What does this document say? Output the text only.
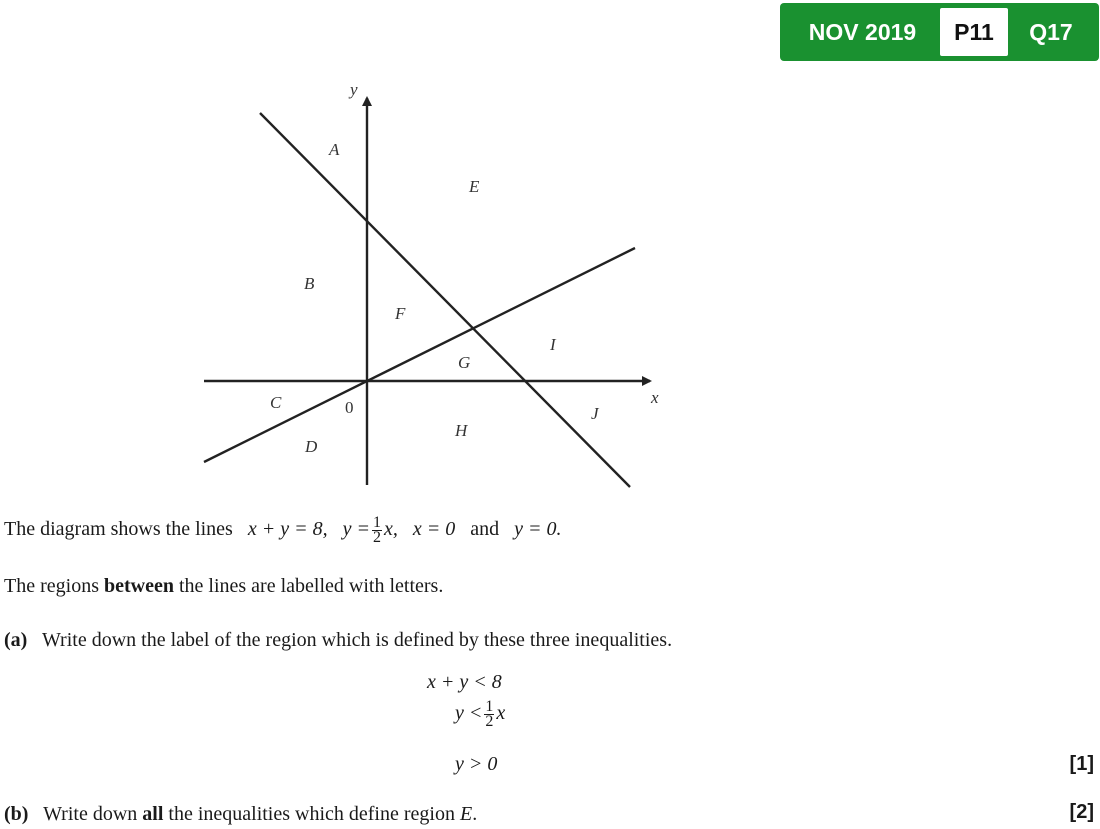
NOV 2019	P11	Q17
y
x
0
A
B
C
D
E
F
G
H
I
J
The diagram shows the lines x + y = 8, $y = \frac{1}{2} x$, x = 0 and y = 0.
The regions between the lines are labelled with letters.
(a) Write down the label of the region which is defined by these three inequalities.
x + y < 8
$y < \frac{1}{2}$ x
y > 0	[1]
(b) Write down all the inequalities which define region E.	[2]
